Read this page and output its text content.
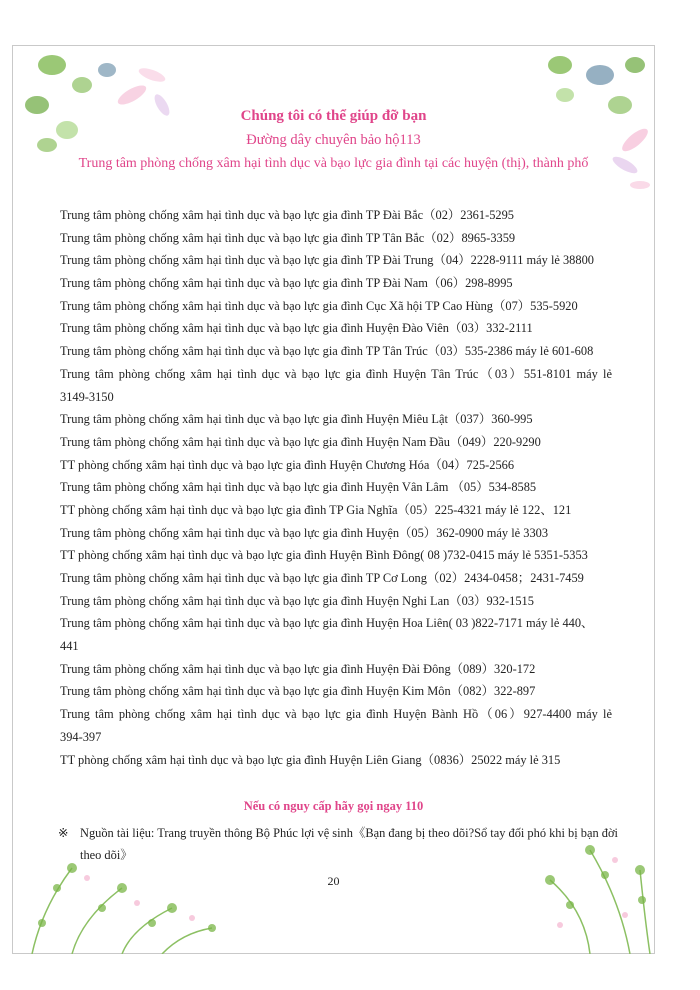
Chúng tôi có thể giúp đỡ bạn
Đường dây chuyên bảo hộ113
Trung tâm phòng chống xâm hại tình dục và bạo lực gia đình tại các huyện (thị), thành phố
Trung tâm phòng chống xâm hại tình dục và bạo lực gia đình TP Đài Bắc（02）2361-5295
Trung tâm phòng chống xâm hại tình dục và bạo lực gia đình TP Tân Bắc（02）8965-3359
Trung tâm phòng chống xâm hại tình dục và bạo lực gia đình TP Đài Trung（04）2228-9111 máy lẻ 38800
Trung tâm phòng chống xâm hại tình dục và bạo lực gia đình TP Đài Nam（06）298-8995
Trung tâm phòng chống xâm hại tình dục và bạo lực gia đình Cục Xã hội TP Cao Hùng（07）535-5920
Trung tâm phòng chống xâm hại tình dục và bạo lực gia đình Huyện Đào Viên（03）332-2111
Trung tâm phòng chống xâm hại tình dục và bạo lực gia đình TP Tân Trúc（03）535-2386 máy lẻ 601-608
Trung tâm phòng chống xâm hại tình dục và bạo lực gia đình Huyện Tân Trúc（03）551-8101 máy lẻ
3149-3150
Trung tâm phòng chống xâm hại tình dục và bạo lực gia đình Huyện Miêu Lật（037）360-995
Trung tâm phòng chống xâm hại tình dục và bạo lực gia đình Huyện Nam Đầu（049）220-9290
TT phòng chống xâm hại tình dục và bạo lực gia đình Huyện Chương Hóa（04）725-2566
Trung tâm phòng chống xâm hại tình dục và bạo lực gia đình Huyện Vân Lâm （05）534-8585
TT phòng chống xâm hại tình dục và bạo lực gia đình TP Gia Nghĩa（05）225-4321 máy lẻ 122、121
Trung tâm phòng chống xâm hại tình dục và bạo lực gia đình Huyện（05）362-0900 máy lẻ 3303
TT phòng chống xâm hại tình dục và bạo lực gia đình Huyện Bình Đông( 08 )732-0415 máy lẻ 5351-5353
Trung tâm phòng chống xâm hại tình dục và bạo lực gia đình TP Cơ Long（02）2434-0458；2431-7459
Trung tâm phòng chống xâm hại tình dục và bạo lực gia đình Huyện Nghi Lan（03）932-1515
Trung tâm phòng chống xâm hại tình dục và bạo lực gia đình Huyện Hoa Liên( 03 )822-7171 máy lẻ 440、
441
Trung tâm phòng chống xâm hại tình dục và bạo lực gia đình Huyện Đài Đông（089）320-172
Trung tâm phòng chống xâm hại tình dục và bạo lực gia đình Huyện Kim Môn（082）322-897
Trung tâm phòng chống xâm hại tình dục và bạo lực gia đình Huyện Bành Hồ（06）927-4400 máy lẻ
394-397
TT phòng chống xâm hại tình dục và bạo lực gia đình Huyện Liên Giang（0836）25022 máy lẻ 315
Nếu có nguy cấp hãy gọi ngay 110
※ Nguồn tài liệu: Trang truyền thông Bộ Phúc lợi vệ sinh《Bạn đang bị theo dõi?Sổ tay đối phó khi bị bạn đời theo dõi》
20
